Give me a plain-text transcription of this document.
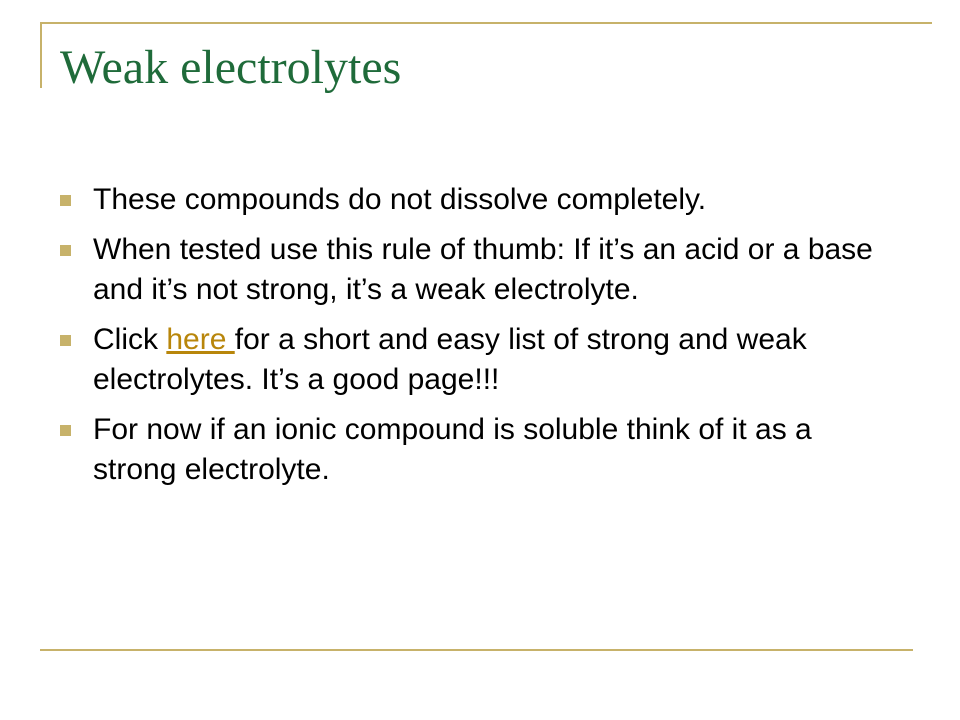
Weak electrolytes
These compounds do not dissolve completely.
When tested use this rule of thumb: If it’s an acid or a base and it’s not strong, it’s a weak electrolyte.
Click here for a short and easy list of strong and weak electrolytes. It’s a good page!!!
For now if an ionic compound is soluble think of it as a strong electrolyte.
